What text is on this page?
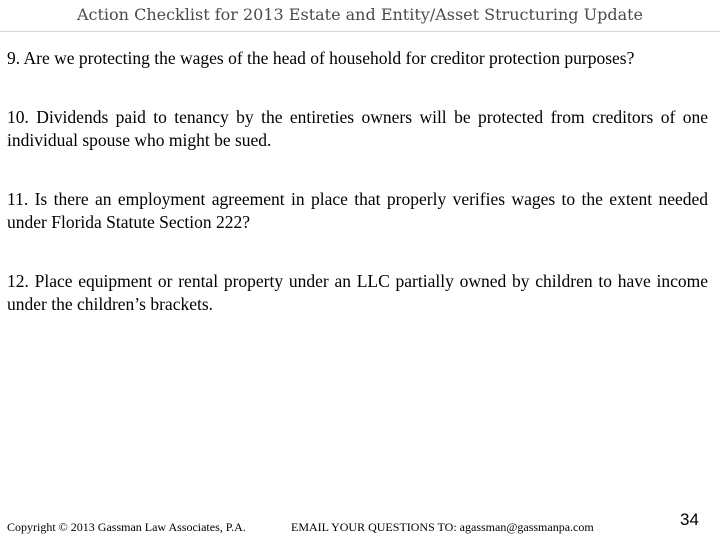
Action Checklist for 2013 Estate and Entity/Asset Structuring Update

9. Are we protecting the wages of the head of household for creditor protection purposes?

10. Dividends paid to tenancy by the entireties owners will be protected from creditors of one individual spouse who might be sued.

11. Is there an employment agreement in place that properly verifies wages to the extent needed under Florida Statute Section 222?

12. Place equipment or rental property under an LLC partially owned by children to have income under the children’s brackets.

Copyright © 2013 Gassman Law Associates, P.A.	EMAIL YOUR QUESTIONS TO: agassman@gassmanpa.com	34
